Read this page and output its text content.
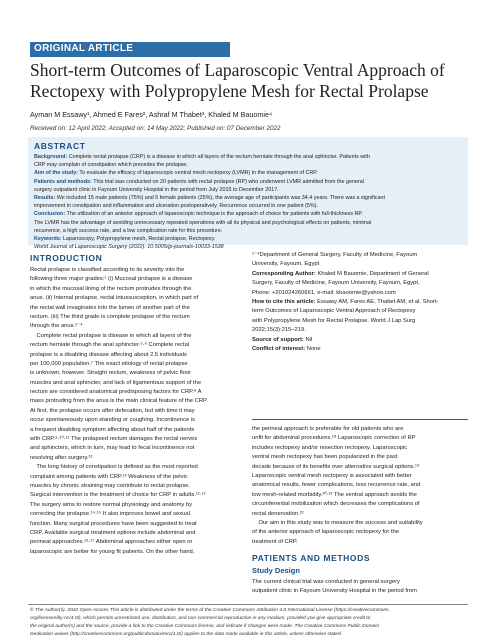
ORIGINAL ARTICLE
Short-term Outcomes of Laparoscopic Ventral Approach of Rectopexy with Polypropylene Mesh for Rectal Prolapse
Ayman M Essawy¹, Ahmed E Fares², Ashraf M Thabet³, Khaled M Bauomie⁴
Received on: 12 April 2022; Accepted on: 14 May 2022; Published on: 07 December 2022
ABSTRACT
Background: Complete rectal prolapse (CRP) is a disease in which all layers of the rectum herniate through the anal sphincter. Patients with
CRP may complain of constipation which precedes the prolapse.
Aim of the study: To evaluate the efficacy of laparoscopic ventral mesh rectopexy (LVMR) in the management of CRP.
Patients and methods: This trial was conducted on 20 patients with rectal prolapse (RP) who underwent LVMR admitted from the general
surgery outpatient clinic in Fayoum University Hospital in the period from July 2015 to December 2017.
Results: We included 15 male patients (75%) and 5 female patients (25%), the average age of participants was 34.4 years. There was a significant
improvement in constipation and inflammation and ulceration postoperatively. Recurrence occurred in one patient (5%).
Conclusion: The utilization of an anterior approach of laparoscopic technique is the approach of choice for patients with full-thickness RP.
The LVMR has the advantage of avoiding unnecessary repeated operations with all its physical and psychological effects on patients, minimal
recurrence, a high success rate, and a low complication rate for this procedure.
Keywords: Laparoscopy, Polypropylene mesh, Rectal prolapse, Rectopexy.
World Journal of Laparoscopic Surgery (2022): 10.5005/jp-journals-10033-1538
INTRODUCTION
Rectal prolapse is classified according to its severity into the
following three major grades:¹ (i) Mucosal prolapse is a disease
in which the mucosal lining of the rectum protrudes through the
anus. (ii) Internal prolapse, rectal intussusception, in which part of
the rectal wall invaginates into the lumen of another part of the
rectum. (iii) The third grade is complete prolapse of the rectum
through the anus.²⁻⁴
Complete rectal prolapse is disease in which all layers of the
rectum herniate through the anal sphincter.⁵·⁶ Complete rectal
prolapse is a disabling disease affecting about 2.5 individuals
per 100,000 population.⁷ The exact etiology of rectal prolapse
is unknown, however. Straight rectum, weakness of pelvic floor
muscles and anal sphincter, and lack of ligamentous support of the
rectum are considered anatomical predisposing factors for CRP.⁸ A
mass protruding from the anus is the main clinical feature of the CRP.
At first, the prolapse occurs after defecation, but with time it may
occur spontaneously upon standing or coughing. Incontinence is
a frequent disabling symptom affecting about half of the patients
with CRP.⁹·¹⁰·¹¹ The prolapsed rectum damages the rectal nerves
and sphincters, which in turn, may lead to fecal incontinence not
resolving after surgery.¹²
The long history of constipation is defined as the most reported
complaint among patients with CRP.¹³ Weakness of the pelvic
muscles by chronic straining may contribute to rectal prolapse.
Surgical intervention is the treatment of choice for CRP in adults.¹²·¹³
The surgery aims to restore normal physiology and anatomy by
correcting the prolapse.¹⁴·¹⁵ It also improves bowel and sexual
function. Many surgical procedures have been suggested to treat
CRP. Available surgical treatment options include abdominal and
perineal approaches.¹⁶·¹⁷ Abdominal approaches either open or
laparoscopic are better for young fit patients. On the other hand,
¹⁻⁴Department of General Surgery, Faculty of Medicine, Fayoum
University, Fayoum, Egypt
Corresponding Author: Khaled M Bauomie, Department of General
Surgery, Faculty of Medicine, Fayoum University, Fayoum, Egypt,
Phone: +201024260661, e-mail: kbaoomie@yahoo.com
How to cite this article: Essawy AM, Fares AE, Thabet AM, et al. Short-
term Outcomes of Laparoscopic Ventral Approach of Rectopexy
with Polypropylene Mesh for Rectal Prolapse. World J Lap Surg
2022;15(3):215–219.
Source of support: Nil
Conflict of interest: None
the perineal approach is preferable for old patients who are
unfit for abdominal procedures.¹⁸ Laparoscopic correction of RP
includes rectopexy and/or resection rectopexy. Laparoscopic
ventral mesh rectopexy has been popularized in the past
decade because of its benefits over alternative surgical options.¹⁹
Laparoscopic ventral mesh rectopexy is associated with better
anatomical results, fewer complications, less recurrence rate, and
low mesh-related morbidity.²⁰·²¹ The ventral approach avoids the
circumferential mobilization which decreases the complications of
rectal denervation.²²
Our aim in this study was to measure the success and suitability
of the anterior approach of laparoscopic rectopexy for the
treatment of CRP.
PATIENTS AND METHODS
Study Design
The current clinical trial was conducted in general surgery
outpatient clinic in Fayoum University Hospital in the period from
© The Author(s). 2022 Open Access This article is distributed under the terms of the Creative Commons Attribution 4.0 International License (https://creativecommons.
org/licenses/by-nc/4.0/), which permits unrestricted use, distribution, and non-commercial reproduction in any medium, provided you give appropriate credit to
the original author(s) and the source, provide a link to the Creative Commons license, and indicate if changes were made. The Creative Commons Public Domain
Dedication waiver (http://creativecommons.org/publicdomain/zero/1.0/) applies to the data made available in this article, unless otherwise stated.
